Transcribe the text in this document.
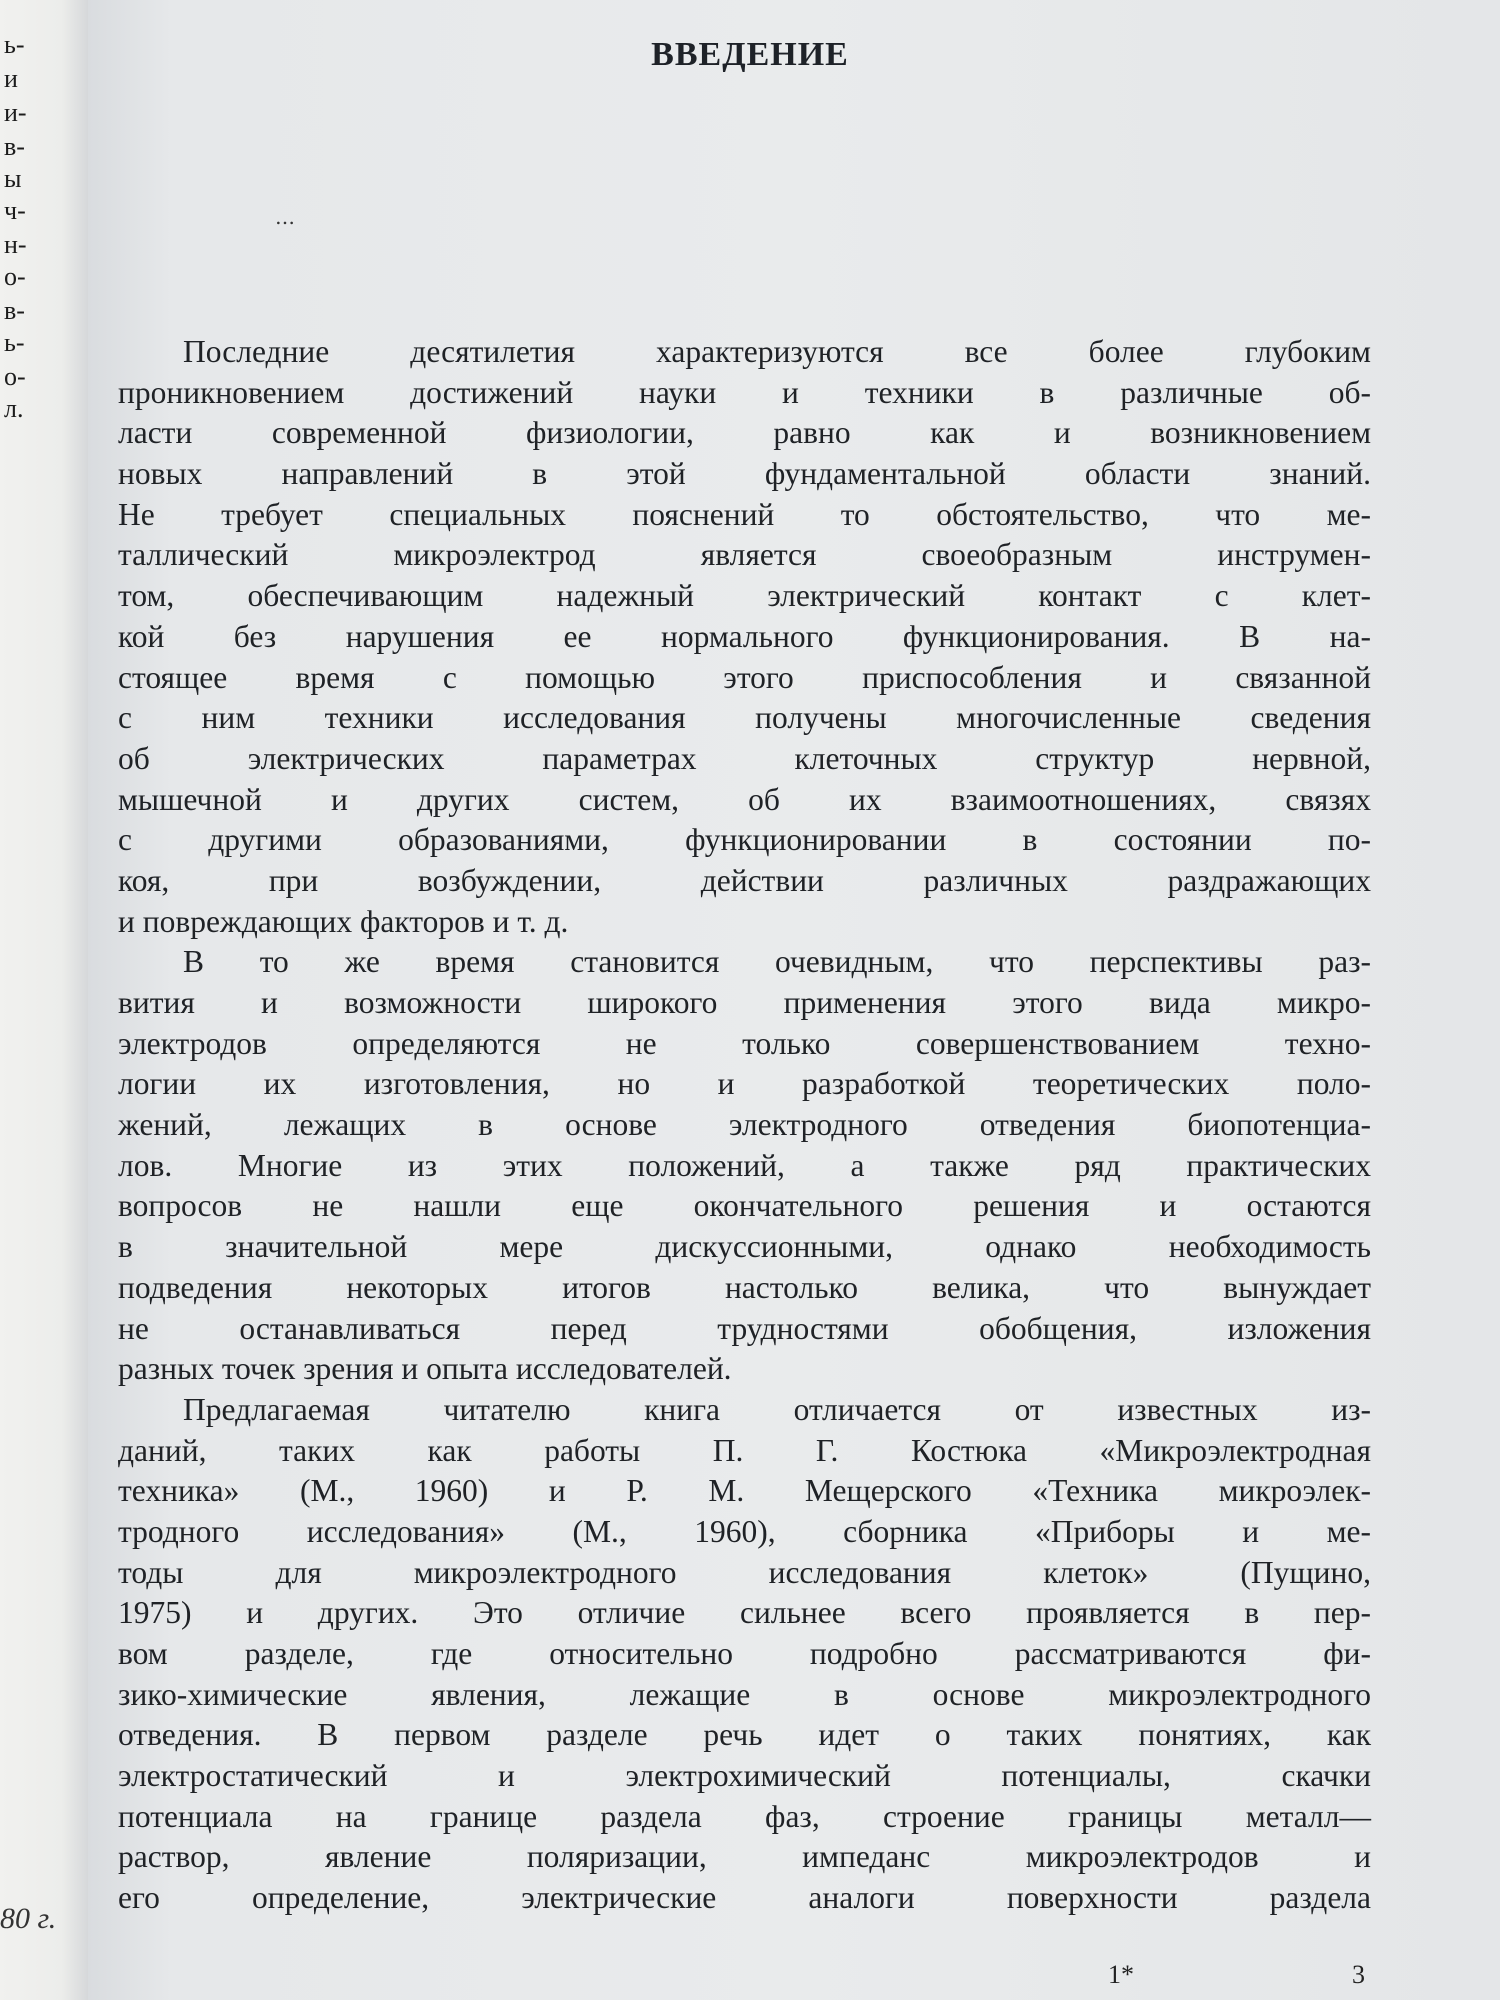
ь-
и
и-
в-
ы
ч-
н-
о-
в-
ь-
о-
л.
80 г.
ВВЕДЕНИЕ
…
Последние десятилетия характеризуются все более глубоким
проникновением достижений науки и техники в различные об-
ласти современной физиологии, равно как и возникновением
новых направлений в этой фундаментальной области знаний.
Не требует специальных пояснений то обстоятельство, что ме-
таллический микроэлектрод является своеобразным инструмен-
том, обеспечивающим надежный электрический контакт с клет-
кой без нарушения ее нормального функционирования. В на-
стоящее время с помощью этого приспособления и связанной
с ним техники исследования получены многочисленные сведения
об электрических параметрах клеточных структур нервной,
мышечной и других систем, об их взаимоотношениях, связях
с другими образованиями, функционировании в состоянии по-
коя, при возбуждении, действии различных раздражающих
и повреждающих факторов и т. д.
В то же время становится очевидным, что перспективы раз-
вития и возможности широкого применения этого вида микро-
электродов определяются не только совершенствованием техно-
логии их изготовления, но и разработкой теоретических поло-
жений, лежащих в основе электродного отведения биопотенциа-
лов. Многие из этих положений, а также ряд практических
вопросов не нашли еще окончательного решения и остаются
в значительной мере дискуссионными, однако необходимость
подведения некоторых итогов настолько велика, что вынуждает
не останавливаться перед трудностями обобщения, изложения
разных точек зрения и опыта исследователей.
Предлагаемая читателю книга отличается от известных из-
даний, таких как работы П. Г. Костюка «Микроэлектродная
техника» (М., 1960) и Р. М. Мещерского «Техника микроэлек-
тродного исследования» (М., 1960), сборника «Приборы и ме-
тоды для микроэлектродного исследования клеток» (Пущино,
1975) и других. Это отличие сильнее всего проявляется в пер-
вом разделе, где относительно подробно рассматриваются фи-
зико-химические явления, лежащие в основе микроэлектродного
отведения. В первом разделе речь идет о таких понятиях, как
электростатический и электрохимический потенциалы, скачки
потенциала на границе раздела фаз, строение границы металл—
раствор, явление поляризации, импеданс микроэлектродов и
его определение, электрические аналоги поверхности раздела
1*	3
